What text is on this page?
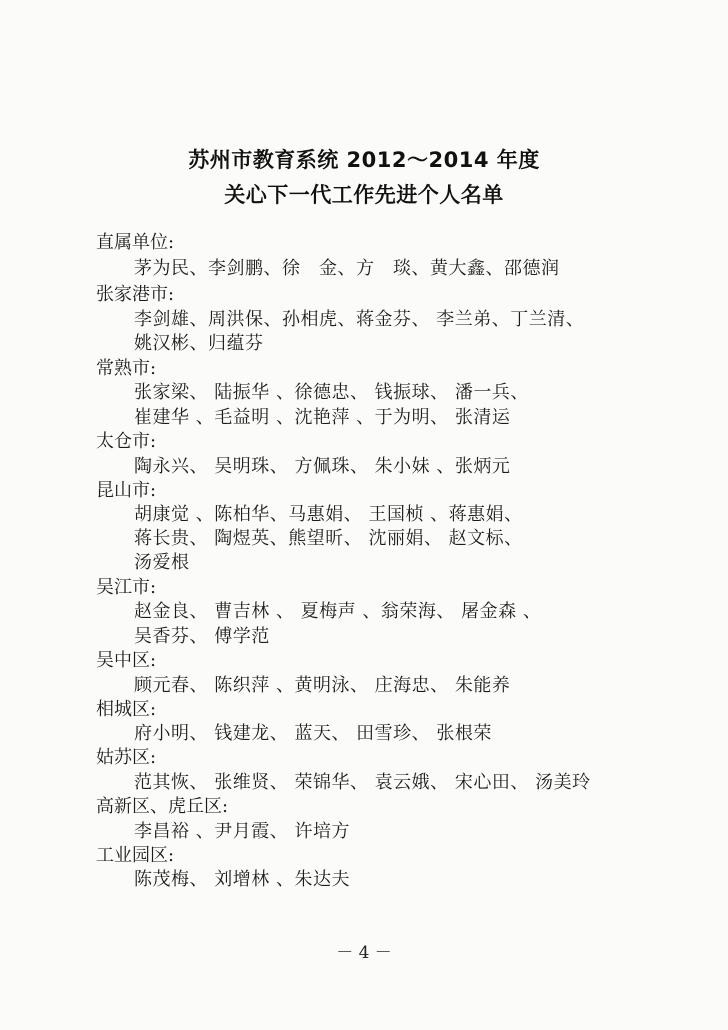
苏州市教育系统 2012～2014 年度
关心下一代工作先进个人名单
直属单位:
茅为民、李剑鹏、徐　金、方　琰、黄大鑫、邵德润
张家港市:
李剑雄、周洪保、孙相虎、蒋金芬、 李兰弟、丁兰清、
姚汉彬、归蕴芬
常熟市:
张家梁、 陆振华 、徐德忠、 钱振球、 潘一兵、
崔建华 、毛益明 、沈艳萍 、于为明、 张清运
太仓市:
陶永兴、 吴明珠、 方佩珠、 朱小妹 、张炳元
昆山市:
胡康觉 、陈柏华、马惠娟、 王国桢 、蒋惠娟、
蒋长贵、 陶煜英、熊望昕、 沈丽娟、 赵文标、
汤爱根
吴江市:
赵金良、 曹吉林 、 夏梅声 、翁荣海、 屠金森 、
吴香芬、 傅学范
吴中区:
顾元春、 陈织萍 、黄明泳、 庄海忠、 朱能养
相城区:
府小明、 钱建龙、 蓝天、 田雪珍、 张根荣
姑苏区:
范其恢、 张维贤、 荣锦华、 袁云娥、 宋心田、 汤美玲
高新区、虎丘区:
李昌裕 、尹月霞、 许培方
工业园区:
陈茂梅、 刘增林 、朱达夫
－ 4 －
